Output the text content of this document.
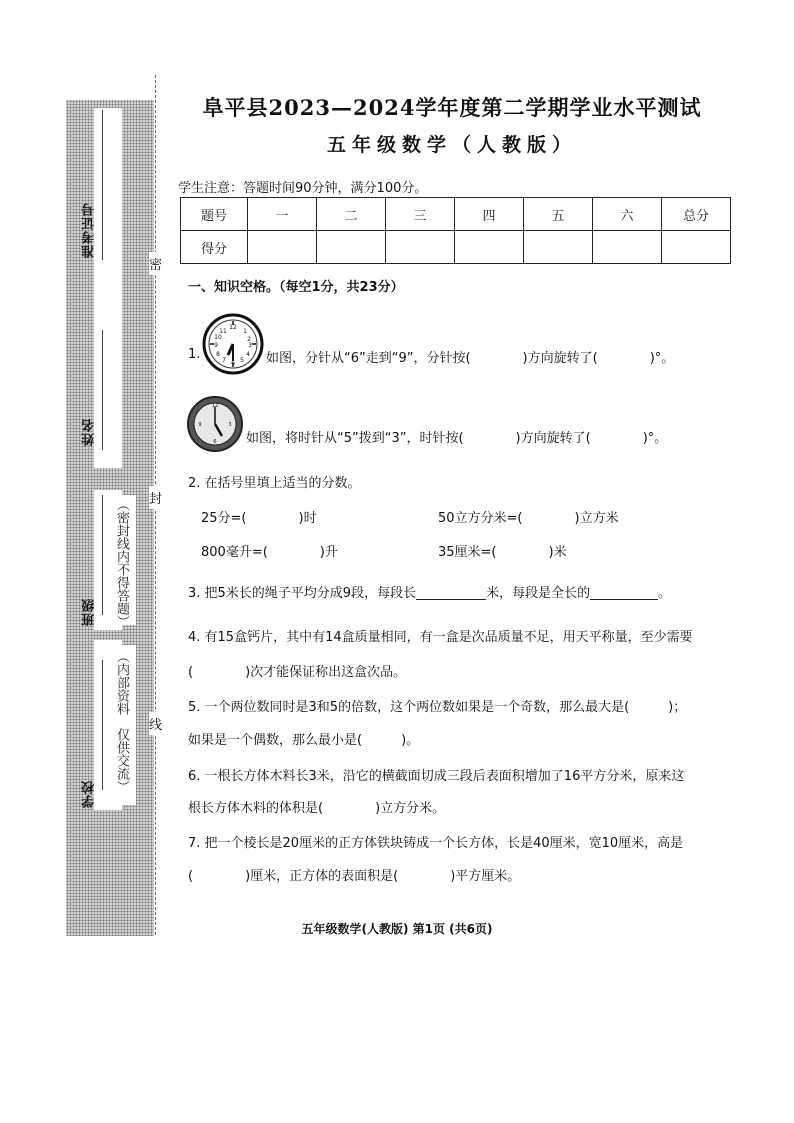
准考证号
姓名
班级
学校
（密封线内不得答题）
（内部资料　仅供交流）
密
封
线
阜平县2023—2024学年度第二学期学业水平测试
五年级数学（人教版）
学生注意：答题时间90分钟，满分100分。
题号	一	二	三	四	五	六	总分
得分							
一、知识空格。（每空1分，共23分）
1.
12
1
2
3
4
5
6
7
8
9
10
11
如图，分针从“6”走到“9”，分针按(　　　　)方向旋转了(　　　　)°。
12
3
6
9
如图，将时针从“5”拨到“3”，时针按(　　　　)方向旋转了(　　　　)°。
2. 在括号里填上适当的分数。
25分=(　　　　)时	50立方分米=(　　　　)立方米
800毫升=(　　　　)升	35厘米=(　　　　)米
3. 把5米长的绳子平均分成9段，每段长	米，每段是全长的	。
4. 有15盒钙片，其中有14盒质量相同，有一盒是次品质量不足，用天平称量，至少需要
(　　　　)次才能保证称出这盒次品。
5. 一个两位数同时是3和5的倍数，这个两位数如果是一个奇数，那么最大是(　　　)；
如果是一个偶数，那么最小是(　　　)。
6. 一根长方体木料长3米，沿它的横截面切成三段后表面积增加了16平方分米，原来这
根长方体木料的体积是(　　　　)立方分米。
7. 把一个棱长是20厘米的正方体铁块铸成一个长方体，长是40厘米，宽10厘米，高是
(　　　　)厘米，正方体的表面积是(　　　　)平方厘米。
五年级数学(人教版) 第1页 (共6页)
